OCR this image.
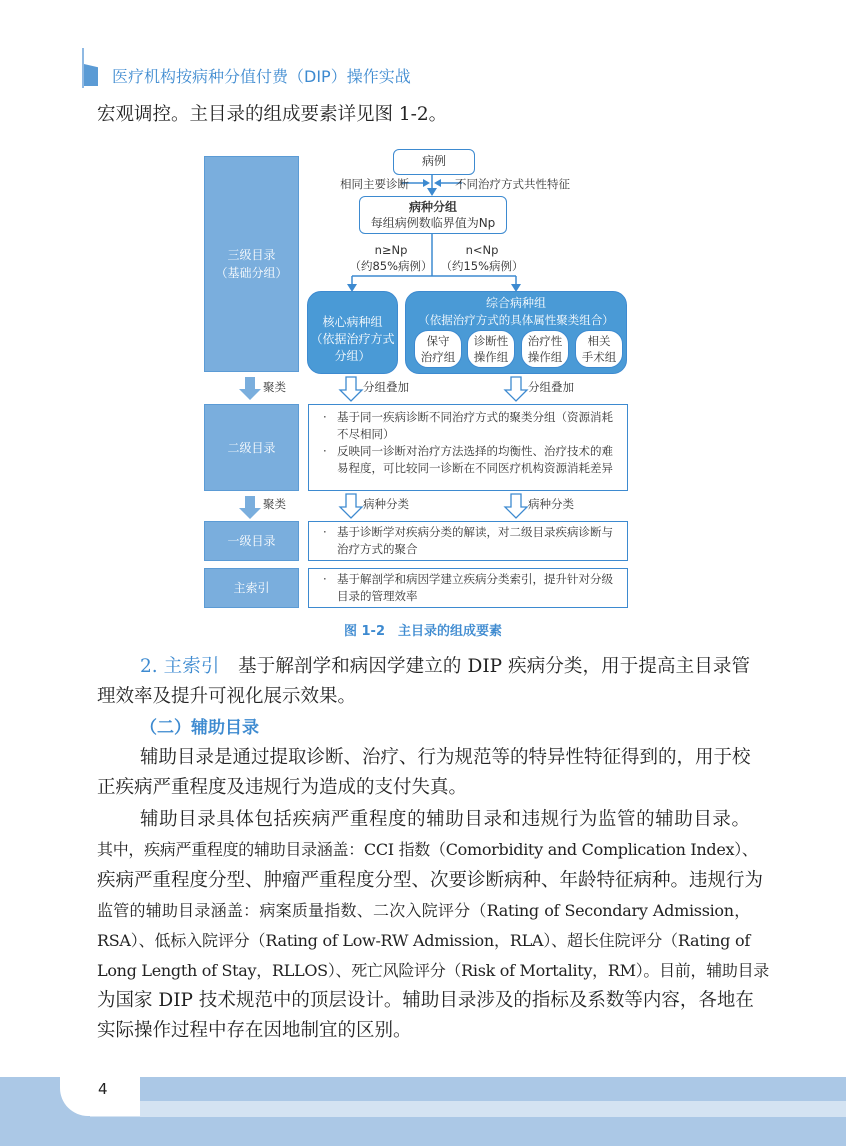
医疗机构按病种分值付费（DIP）操作实战
宏观调控。主目录的组成要素详见图 1-2。
病例
相同主要诊断	不同治疗方式共性特征
病种分组
每组病例数临界值为Np
n≥Np
（约85%病例）
n<Np
（约15%病例）
三级目录
（基础分组）
核心病种组
（依据治疗方式
分组）
综合病种组
（依据治疗方式的具体属性聚类组合）
保守
治疗组
诊断性
操作组
治疗性
操作组
相关
手术组
聚类	分组叠加	分组叠加
二级目录

· 基于同一疾病诊断不同治疗方式的聚类分组（资源消耗不尽相同）

· 反映同一诊断对治疗方法选择的均衡性、治疗技术的难易程度，可比较同一诊断在不同医疗机构资源消耗差异

聚类	病种分类	病种分类
一级目录

· 基于诊断学对疾病分类的解读，对二级目录疾病诊断与治疗方式的聚合

主索引

· 基于解剖学和病因学建立疾病分类索引，提升针对分级目录的管理效率

图 1-2　主目录的组成要素
2. 主索引　基于解剖学和病因学建立的 DIP 疾病分类，用于提高主目录管
理效率及提升可视化展示效果。
（二）辅助目录
辅助目录是通过提取诊断、治疗、行为规范等的特异性特征得到的，用于校
正疾病严重程度及违规行为造成的支付失真。
辅助目录具体包括疾病严重程度的辅助目录和违规行为监管的辅助目录。
其中，疾病严重程度的辅助目录涵盖：CCI 指数（Comorbidity and Complication Index）、
疾病严重程度分型、肿瘤严重程度分型、次要诊断病种、年龄特征病种。违规行为
监管的辅助目录涵盖：病案质量指数、二次入院评分（Rating of Secondary Admission，
RSA）、低标入院评分（Rating of Low-RW Admission，RLA）、超长住院评分（Rating of
Long Length of Stay，RLLOS）、死亡风险评分（Risk of Mortality，RM）。目前，辅助目录
为国家 DIP 技术规范中的顶层设计。辅助目录涉及的指标及系数等内容，各地在
实际操作过程中存在因地制宜的区别。
4
